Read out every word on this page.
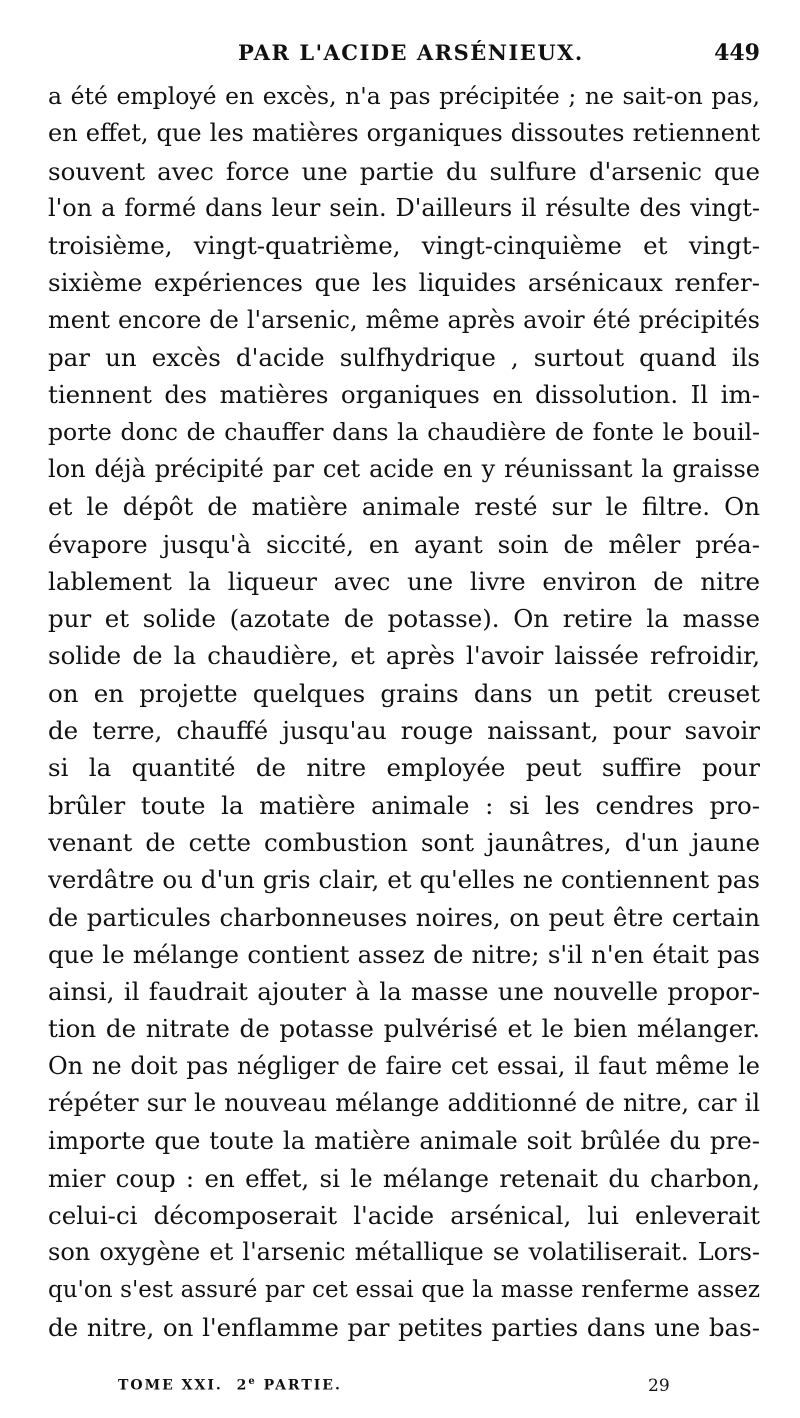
PAR L'ACIDE ARSÉNIEUX.	449
a été employé en excès, n'a pas précipitée ; ne sait-on pas,
en effet, que les matières organiques dissoutes retiennent
souvent avec force une partie du sulfure d'arsenic que
l'on a formé dans leur sein. D'ailleurs il résulte des vingt-
troisième, vingt-quatrième, vingt-cinquième et vingt-
sixième expériences que les liquides arsénicaux renfer-
ment encore de l'arsenic, même après avoir été précipités
par un excès d'acide sulfhydrique , surtout quand ils
tiennent des matières organiques en dissolution. Il im-
porte donc de chauffer dans la chaudière de fonte le bouil-
lon déjà précipité par cet acide en y réunissant la graisse
et le dépôt de matière animale resté sur le filtre. On
évapore jusqu'à siccité, en ayant soin de mêler préa-
lablement la liqueur avec une livre environ de nitre
pur et solide (azotate de potasse). On retire la masse
solide de la chaudière, et après l'avoir laissée refroidir,
on en projette quelques grains dans un petit creuset
de terre, chauffé jusqu'au rouge naissant, pour savoir
si la quantité de nitre employée peut suffire pour
brûler toute la matière animale : si les cendres pro-
venant de cette combustion sont jaunâtres, d'un jaune
verdâtre ou d'un gris clair, et qu'elles ne contiennent pas
de particules charbonneuses noires, on peut être certain
que le mélange contient assez de nitre; s'il n'en était pas
ainsi, il faudrait ajouter à la masse une nouvelle propor-
tion de nitrate de potasse pulvérisé et le bien mélanger.
On ne doit pas négliger de faire cet essai, il faut même le
répéter sur le nouveau mélange additionné de nitre, car il
importe que toute la matière animale soit brûlée du pre-
mier coup : en effet, si le mélange retenait du charbon,
celui-ci décomposerait l'acide arsénical, lui enleverait
son oxygène et l'arsenic métallique se volatiliserait. Lors-
qu'on s'est assuré par cet essai que la masse renferme assez
de nitre, on l'enflamme par petites parties dans une bas-
TOME XXI. 2e PARTIE.	29
